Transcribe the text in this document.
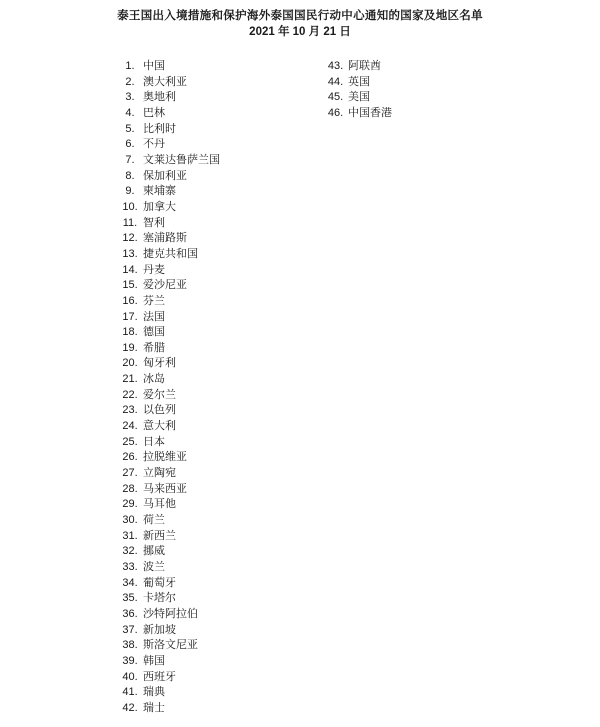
泰王国出入境措施和保护海外泰国国民行动中心通知的国家及地区名单
2021 年 10 月 21 日
1. 中国
2. 澳大利亚
3. 奥地利
4. 巴林
5. 比利时
6. 不丹
7. 文莱达鲁萨兰国
8. 保加利亚
9. 柬埔寨
10. 加拿大
11. 智利
12. 塞浦路斯
13. 捷克共和国
14. 丹麦
15. 爱沙尼亚
16. 芬兰
17. 法国
18. 德国
19. 希腊
20. 匈牙利
21. 冰岛
22. 爱尔兰
23. 以色列
24. 意大利
25. 日本
26. 拉脱维亚
27. 立陶宛
28. 马来西亚
29. 马耳他
30. 荷兰
31. 新西兰
32. 挪威
33. 波兰
34. 葡萄牙
35. 卡塔尔
36. 沙特阿拉伯
37. 新加坡
38. 斯洛文尼亚
39. 韩国
40. 西班牙
41. 瑞典
42. 瑞士
43. 阿联酋
44. 英国
45. 美国
46. 中国香港
